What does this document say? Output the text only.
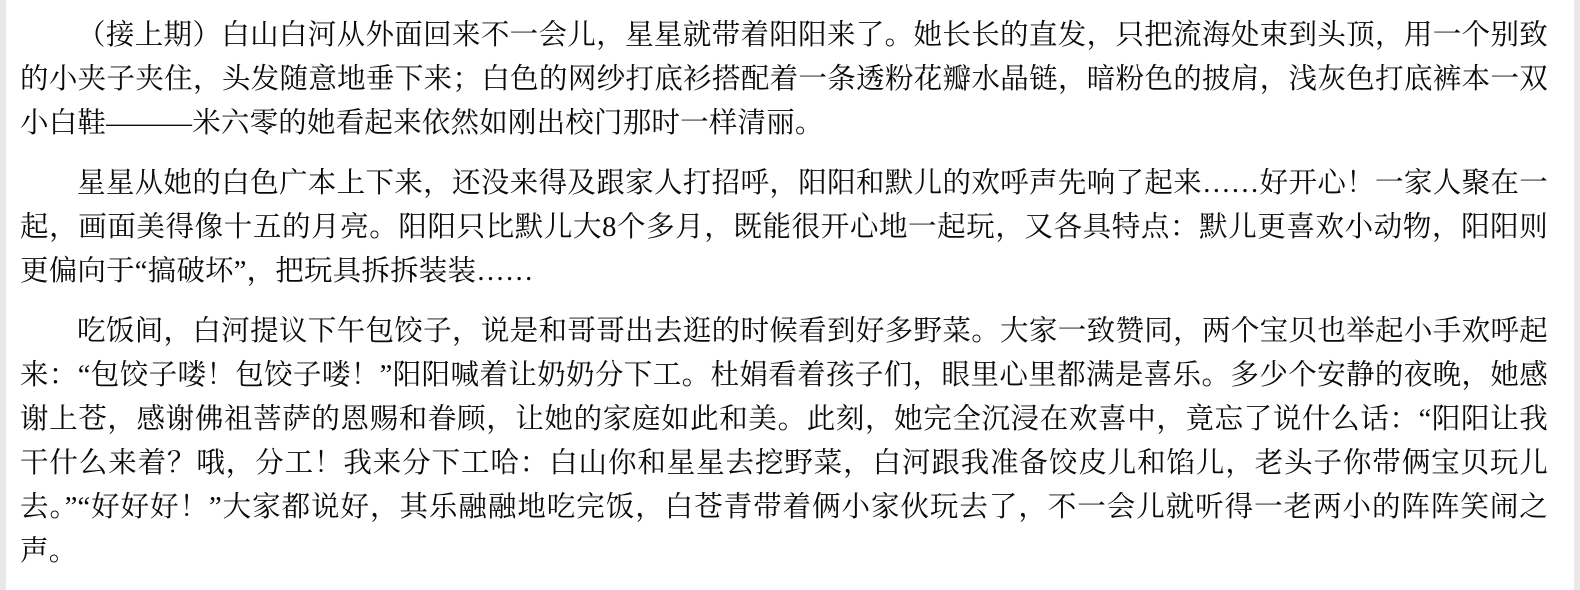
（接上期）白山白河从外面回来不一会儿，星星就带着阳阳来了。她长长的直发，只把流海处束到头顶，用一个别致的小夹子夹住，头发随意地垂下来；白色的网纱打底衫搭配着一条透粉花瓣水晶链，暗粉色的披肩，浅灰色打底裤本一双小白鞋———米六零的她看起来依然如刚出校门那时一样清丽。

星星从她的白色广本上下来，还没来得及跟家人打招呼，阳阳和默儿的欢呼声先响了起来……好开心！一家人聚在一起，画面美得像十五的月亮。阳阳只比默儿大8个多月，既能很开心地一起玩，又各具特点：默儿更喜欢小动物，阳阳则更偏向于“搞破坏”，把玩具拆拆装装……

吃饭间，白河提议下午包饺子，说是和哥哥出去逛的时候看到好多野菜。大家一致赞同，两个宝贝也举起小手欢呼起来：“包饺子喽！包饺子喽！”阳阳喊着让奶奶分下工。杜娟看着孩子们，眼里心里都满是喜乐。多少个安静的夜晚，她感谢上苍，感谢佛祖菩萨的恩赐和眷顾，让她的家庭如此和美。此刻，她完全沉浸在欢喜中，竟忘了说什么话：“阳阳让我干什么来着？哦，分工！我来分下工哈：白山你和星星去挖野菜，白河跟我准备饺皮儿和馅儿，老头子你带俩宝贝玩儿去。”“好好好！”大家都说好，其乐融融地吃完饭，白苍青带着俩小家伙玩去了，不一会儿就听得一老两小的阵阵笑闹之声。
